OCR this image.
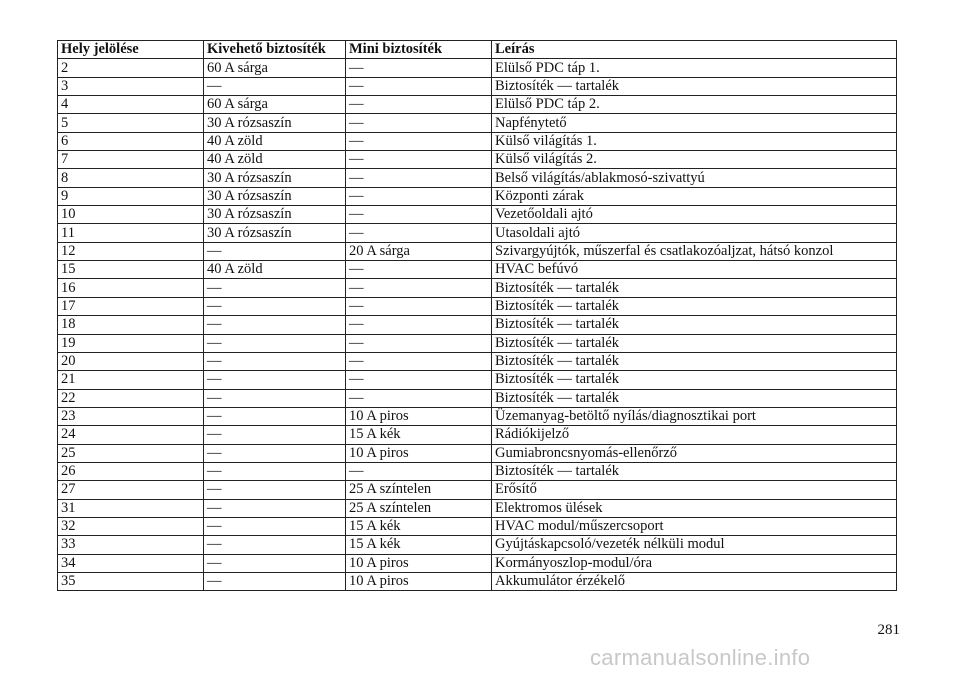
Hely jelölése	Kivehető biztosíték	Mini biztosíték	Leírás
2	60 A sárga	—	Elülső PDC táp 1.
3	—	—	Biztosíték — tartalék
4	60 A sárga	—	Elülső PDC táp 2.
5	30 A rózsaszín	—	Napfénytető
6	40 A zöld	—	Külső világítás 1.
7	40 A zöld	—	Külső világítás 2.
8	30 A rózsaszín	—	Belső világítás/ablakmosó-szivattyú
9	30 A rózsaszín	—	Központi zárak
10	30 A rózsaszín	—	Vezetőoldali ajtó
11	30 A rózsaszín	—	Utasoldali ajtó
12	—	20 A sárga	Szivargyújtók, műszerfal és csatlakozóaljzat, hátsó konzol
15	40 A zöld	—	HVAC befúvó
16	—	—	Biztosíték — tartalék
17	—	—	Biztosíték — tartalék
18	—	—	Biztosíték — tartalék
19	—	—	Biztosíték — tartalék
20	—	—	Biztosíték — tartalék
21	—	—	Biztosíték — tartalék
22	—	—	Biztosíték — tartalék
23	—	10 A piros	Üzemanyag-betöltő nyílás/diagnosztikai port
24	—	15 A kék	Rádiókijelző
25	—	10 A piros	Gumiabroncsnyomás-ellenőrző
26	—	—	Biztosíték — tartalék
27	—	25 A színtelen	Erősítő
31	—	25 A színtelen	Elektromos ülések
32	—	15 A kék	HVAC modul/műszercsoport
33	—	15 A kék	Gyújtáskapcsoló/vezeték nélküli modul
34	—	10 A piros	Kormányoszlop-modul/óra
35	—	10 A piros	Akkumulátor érzékelő
281
carmanualsonline.info
